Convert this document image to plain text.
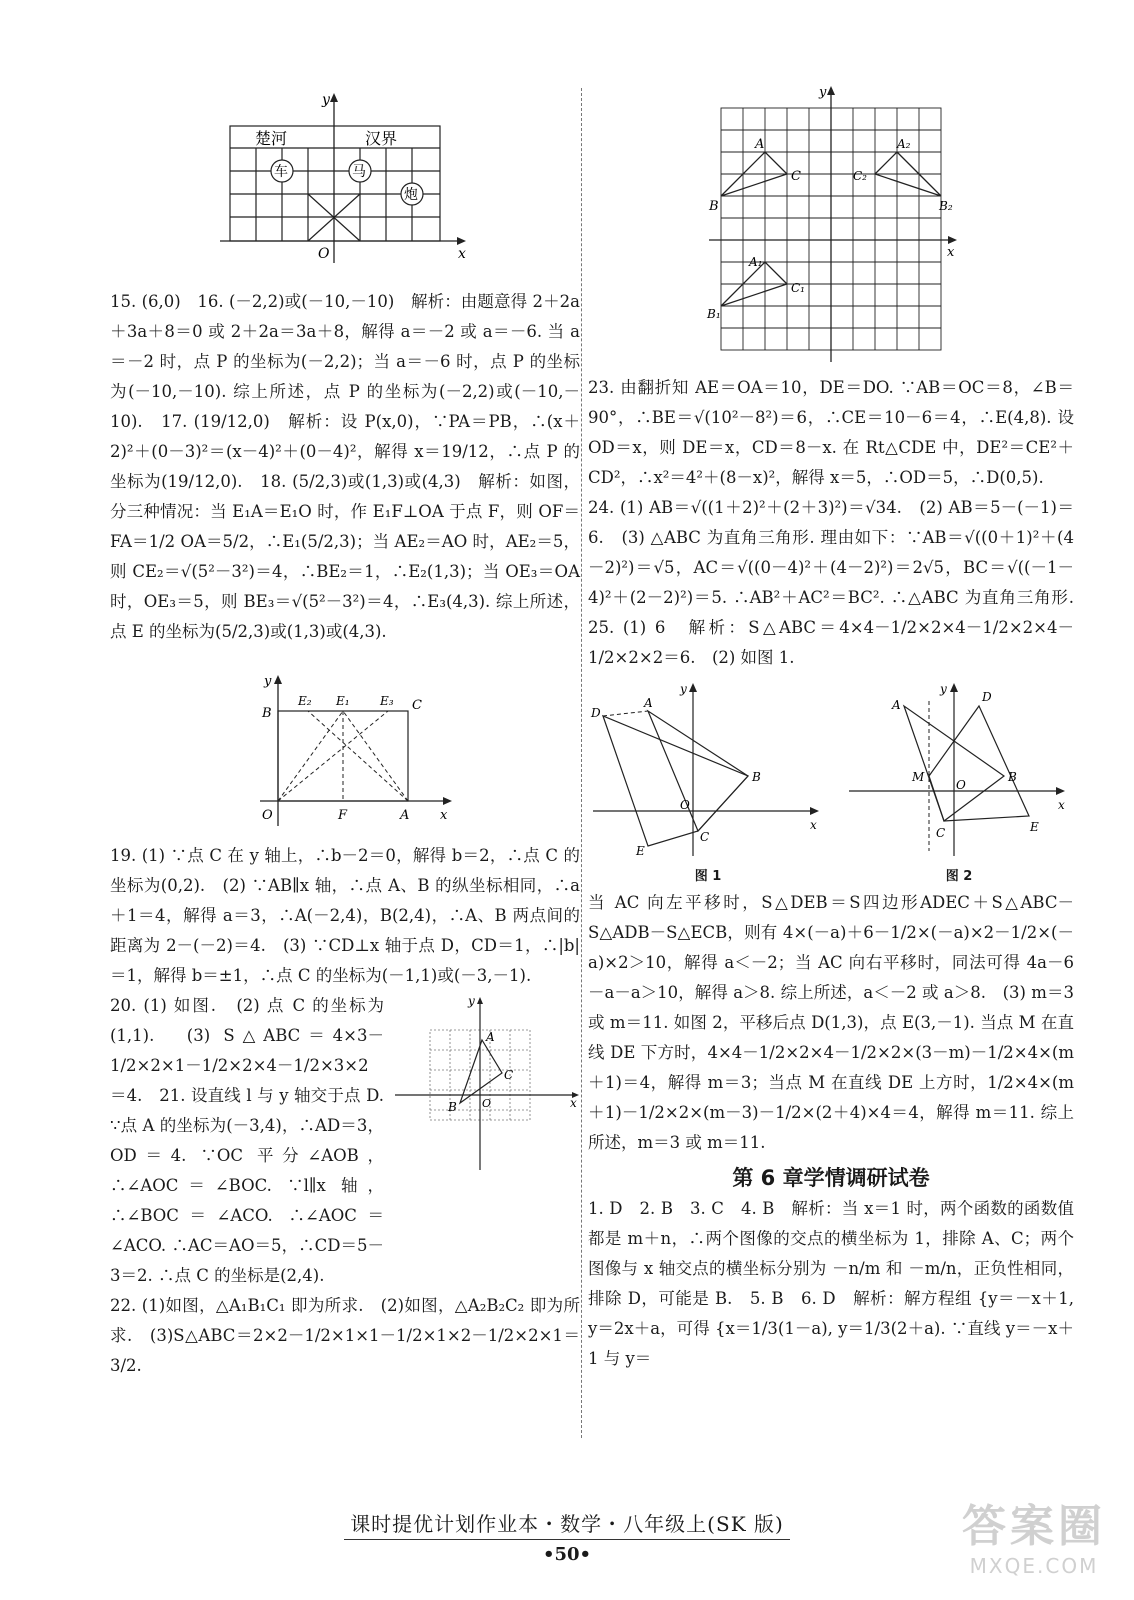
y
x
O
楚河	汉界
车	马
炮

15. (6,0)　16. (－2,2)或(－10,－10)　解析：由题意得 2＋2a＋3a＋8＝0 或 2＋2a＝3a＋8，解得 a＝－2 或 a＝－6. 当 a＝－2 时，点 P 的坐标为(－2,2)；当 a＝－6 时，点 P 的坐标为(－10,－10). 综上所述，点 P 的坐标为(－2,2)或(－10,－10).　17. (19/12,0)　解析：设 P(x,0)，∵PA＝PB，∴(x＋2)²＋(0－3)²＝(x－4)²＋(0－4)²，解得 x＝19/12，∴点 P 的坐标为(19/12,0).　18. (5/2,3)或(1,3)或(4,3)　解析：如图，分三种情况：当 E₁A＝E₁O 时，作 E₁F⊥OA 于点 F，则 OF＝FA＝1/2 OA＝5/2，∴E₁(5/2,3)；当 AE₂＝AO 时，AE₂＝5，则 CE₂＝√(5²－3²)＝4，∴BE₂＝1，∴E₂(1,3)；当 OE₃＝OA 时，OE₃＝5，则 BE₃＝√(5²－3²)＝4，∴E₃(4,3). 综上所述，点 E 的坐标为(5/2,3)或(1,3)或(4,3).

y
x
O
B
C
A
F
E₁
E₂	E₃

19. (1) ∵点 C 在 y 轴上，∴b－2＝0，解得 b＝2，∴点 C 的坐标为(0,2).　(2) ∵AB∥x 轴，∴点 A、B 的纵坐标相同，∴a＋1＝4，解得 a＝3，∴A(－2,4)，B(2,4)，∴A、B 两点间的距离为 2－(－2)＝4.　(3) ∵CD⊥x 轴于点 D，CD＝1，∴|b|＝1，解得 b＝±1，∴点 C 的坐标为(－1,1)或(－3,－1).

20. (1) 如图.　(2) 点 C 的坐标为(1,1).　(3) S△ABC＝4×3－1/2×2×1－1/2×2×4－1/2×3×2＝4.　21. 设直线 l 与 y 轴交于点 D. ∵点 A 的坐标为(－3,4)，∴AD＝3，OD＝4. ∵OC 平分∠AOB，∴∠AOC＝∠BOC. ∵l∥x 轴，∴∠BOC＝∠ACO. ∴∠AOC＝∠ACO. ∴AC＝AO＝5，∴CD＝5－3＝2. ∴点 C 的坐标是(2,4).

y
x
O
A
B
C

22. (1)如图，△A₁B₁C₁ 即为所求.　(2)如图，△A₂B₂C₂ 即为所求.　(3)S△ABC＝2×2－1/2×1×1－1/2×1×2－1/2×2×1＝3/2.

y
x
A
B
C
A₂
B₂
C₂
A₁
B₁
C₁

23. 由翻折知 AE＝OA＝10，DE＝DO. ∵AB＝OC＝8，∠B＝90°，∴BE＝√(10²－8²)＝6，∴CE＝10－6＝4，∴E(4,8). 设 OD＝x，则 DE＝x，CD＝8－x. 在 Rt△CDE 中，DE²＝CE²＋CD²，∴x²＝4²＋(8－x)²，解得 x＝5，∴OD＝5，∴D(0,5).

24. (1) AB＝√((1＋2)²＋(2＋3)²)＝√34.　(2) AB＝5－(－1)＝6.　(3) △ABC 为直角三角形. 理由如下：∵AB＝√((0＋1)²＋(4－2)²)＝√5，AC＝√((0－4)²＋(4－2)²)＝2√5，BC＝√((－1－4)²＋(2－2)²)＝5. ∴AB²＋AC²＝BC². ∴△ABC 为直角三角形.　25. (1) 6　解析：S△ABC＝4×4－1/2×2×4－1/2×2×4－1/2×2×2＝6.　(2) 如图 1.

y
x
O
D
A
B
C
E
图 1
y
x
O
A
D
B
C	E
M
图 2

当 AC 向左平移时，S△DEB＝S四边形ADEC＋S△ABC－S△ADB－S△ECB，则有 4×(－a)＋6－1/2×(－a)×2－1/2×(－a)×2＞10，解得 a＜－2；当 AC 向右平移时，同法可得 4a－6－a－a＞10，解得 a＞8. 综上所述，a＜－2 或 a＞8.　(3) m＝3 或 m＝11. 如图 2，平移后点 D(1,3)，点 E(3,－1). 当点 M 在直线 DE 下方时，4×4－1/2×2×4－1/2×2×(3－m)－1/2×4×(m＋1)＝4，解得 m＝3；当点 M 在直线 DE 上方时，1/2×4×(m＋1)－1/2×2×(m－3)－1/2×(2＋4)×4＝4，解得 m＝11. 综上所述，m＝3 或 m＝11.

第 6 章学情调研试卷

1. D　2. B　3. C　4. B　解析：当 x＝1 时，两个函数的函数值都是 m＋n，∴两个图像的交点的横坐标为 1，排除 A、C；两个图像与 x 轴交点的横坐标分别为 －n/m 和 －m/n，正负性相同，排除 D，可能是 B.　5. B　6. D　解析：解方程组 {y＝－x＋1, y＝2x＋a，可得 {x＝1/3(1－a), y＝1/3(2＋a). ∵直线 y＝－x＋1 与 y＝

课时提优计划作业本・数学・八年级上(SK 版)
•50•
答案圈
MXQE.COM
